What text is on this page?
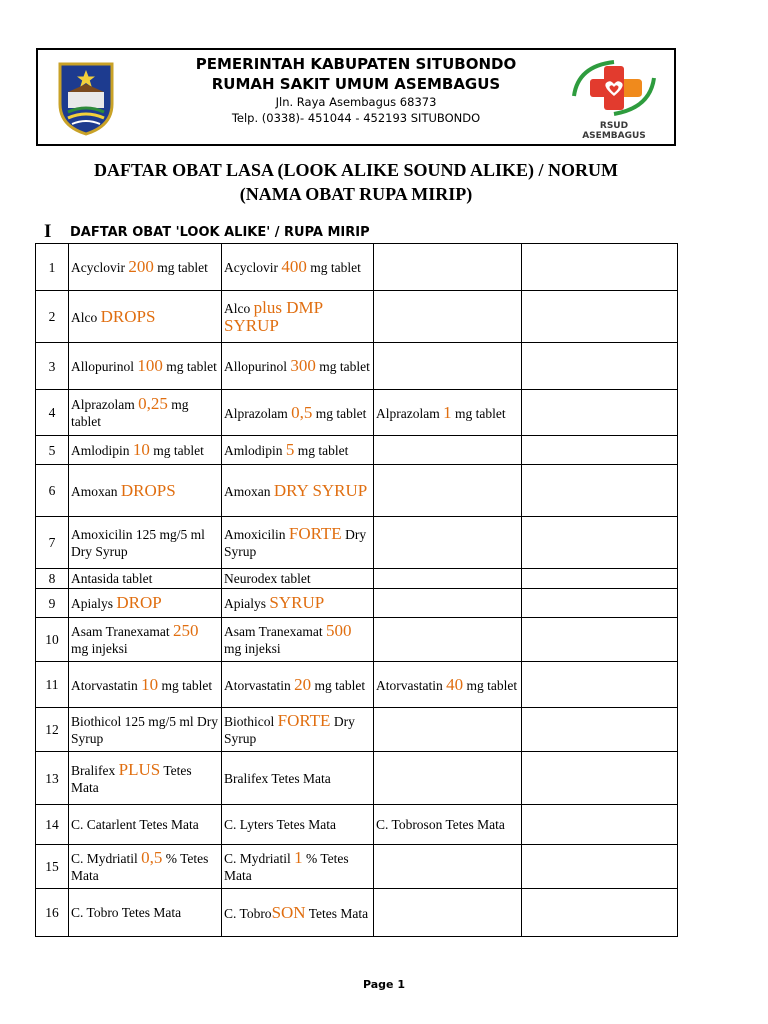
PEMERINTAH KABUPATEN SITUBONDO
RUMAH SAKIT UMUM ASEMBAGUS
Jln. Raya Asembagus 68373
Telp. (0338)- 451044 - 452193 SITUBONDO
RSUD
ASEMBAGUS
DAFTAR OBAT LASA (LOOK ALIKE SOUND ALIKE) / NORUM
(NAMA OBAT RUPA MIRIP)
I	DAFTAR OBAT 'LOOK ALIKE' / RUPA MIRIP
1	Acyclovir 200 mg tablet	Acyclovir 400 mg tablet		
2	Alco DROPS	Alco plus DMP SYRUP		
3	Allopurinol 100 mg tablet	Allopurinol 300 mg tablet		
4	Alprazolam 0,25 mg tablet	Alprazolam 0,5 mg tablet	Alprazolam 1 mg tablet	
5	Amlodipin 10 mg tablet	Amlodipin 5 mg tablet		
6	Amoxan DROPS	Amoxan DRY SYRUP		
7	Amoxicilin 125 mg/5 ml Dry Syrup	Amoxicilin FORTE Dry Syrup		
8	Antasida tablet	Neurodex tablet		
9	Apialys DROP	Apialys SYRUP		
10	Asam Tranexamat 250 mg injeksi	Asam Tranexamat 500 mg injeksi		
11	Atorvastatin 10 mg tablet	Atorvastatin 20 mg tablet	Atorvastatin 40 mg tablet	
12	Biothicol 125 mg/5 ml Dry Syrup	Biothicol FORTE Dry Syrup		
13	Bralifex PLUS Tetes Mata	Bralifex Tetes Mata		
14	C. Catarlent Tetes Mata	C. Lyters Tetes Mata	C. Tobroson Tetes Mata	
15	C. Mydriatil 0,5 % Tetes Mata	C. Mydriatil 1 % Tetes Mata		
16	C. Tobro Tetes Mata	C. TobroSON Tetes Mata		
Page 1
